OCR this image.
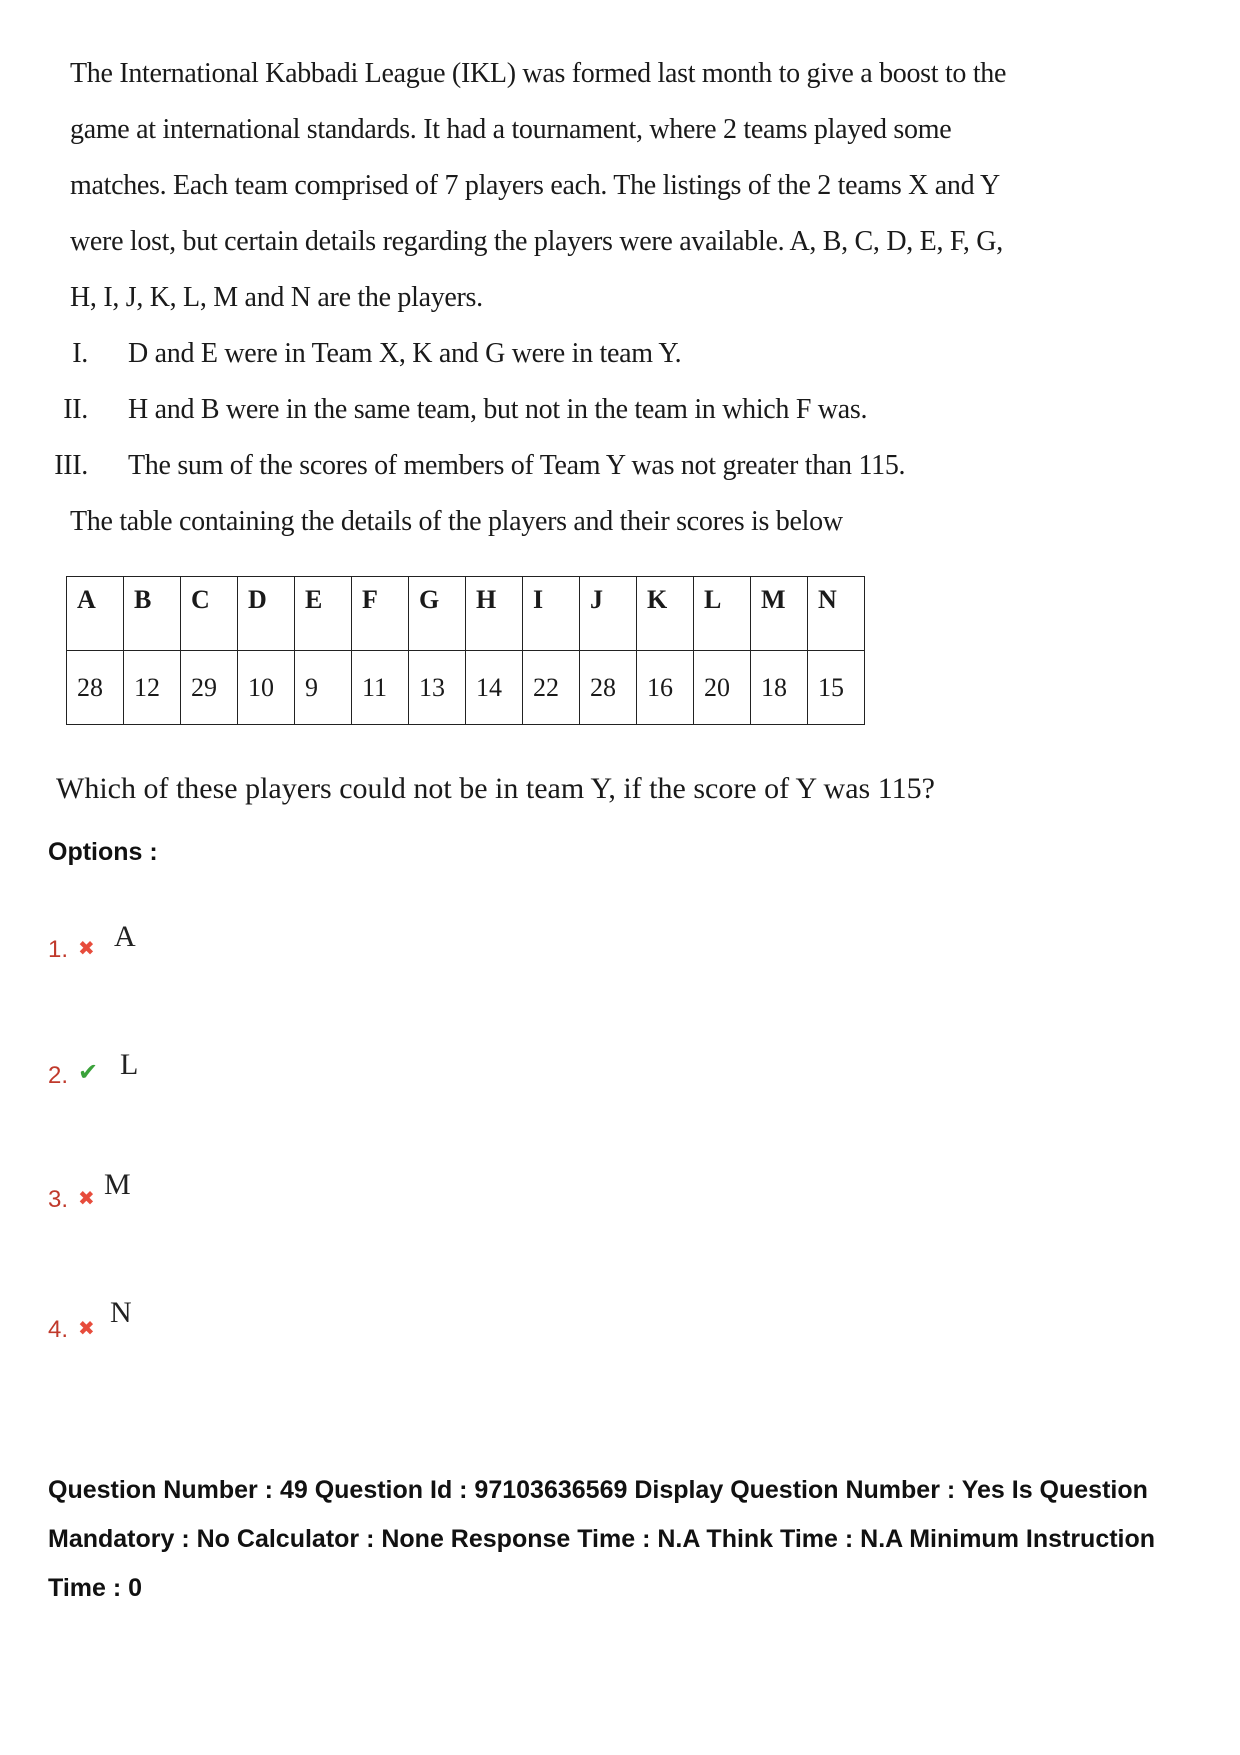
The International Kabbadi League (IKL) was formed last month to give a boost to the
game at international standards. It had a tournament, where 2 teams played some
matches. Each team comprised of 7 players each. The listings of the 2 teams X and Y
were lost, but certain details regarding the players were available. A, B, C, D, E, F, G,
H, I, J, K, L, M and N are the players.
I. D and E were in Team X, K and G were in team Y.
II. H and B were in the same team, but not in the team in which F was.
III. The sum of the scores of members of Team Y was not greater than 115.
The table containing the details of the players and their scores is below
A	B	C	D	E	F	G	H	I	J	K	L	M	N
28	12	29	10	9	11	13	14	22	28	16	20	18	15
Which of these players could not be in team Y, if the score of Y was 115?
Options :
1. ✖ A
2. ✔ L
3. ✖ M
4. ✖ N
Question Number : 49 Question Id : 97103636569 Display Question Number : Yes Is Question
Mandatory : No Calculator : None Response Time : N.A Think Time : N.A Minimum Instruction
Time : 0
